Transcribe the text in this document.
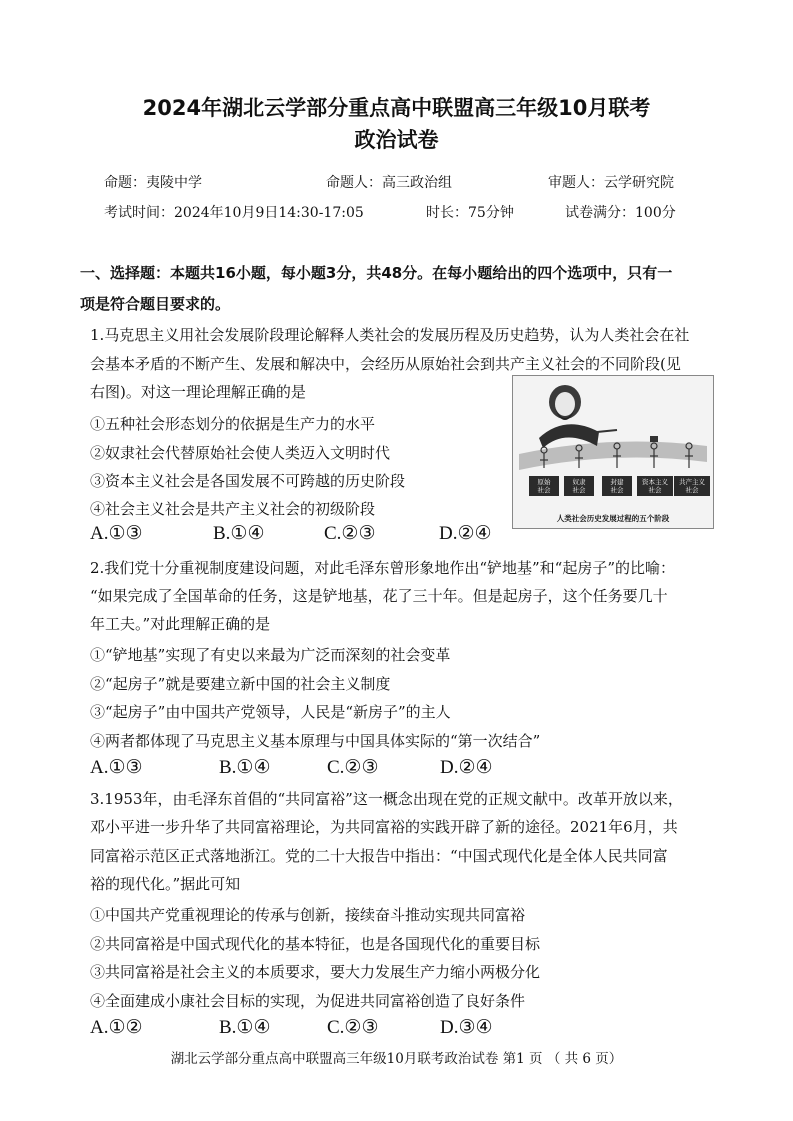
2024年湖北云学部分重点高中联盟高三年级10月联考
政治试卷
命题：夷陵中学	命题人：高三政治组	审题人：云学研究院
考试时间：2024年10月9日14:30-17:05	时长：75分钟	试卷满分：100分
一、选择题：本题共16小题，每小题3分，共48分。在每小题给出的四个选项中，只有一
项是符合题目要求的。
1.马克思主义用社会发展阶段理论解释人类社会的发展历程及历史趋势，认为人类社会在社
会基本矛盾的不断产生、发展和解决中，会经历从原始社会到共产主义社会的不同阶段(见
右图)。对这一理论理解正确的是
①五种社会形态划分的依据是生产力的水平
②奴隶社会代替原始社会使人类迈入文明时代
③资本主义社会是各国发展不可跨越的历史阶段
④社会主义社会是共产主义社会的初级阶段
A.①③	B.①④	C.②③	D.②④
原始
社会
奴隶
社会
封建
社会
资本主义
社会
共产主义
社会
人类社会历史发展过程的五个阶段
2.我们党十分重视制度建设问题，对此毛泽东曾形象地作出“铲地基”和“起房子”的比喻：
“如果完成了全国革命的任务，这是铲地基，花了三十年。但是起房子，这个任务要几十
年工夫。”对此理解正确的是
①“铲地基”实现了有史以来最为广泛而深刻的社会变革
②“起房子”就是要建立新中国的社会主义制度
③“起房子”由中国共产党领导，人民是“新房子”的主人
④两者都体现了马克思主义基本原理与中国具体实际的“第一次结合”
A.①③	B.①④	C.②③	D.②④
3.1953年，由毛泽东首倡的“共同富裕”这一概念出现在党的正规文献中。改革开放以来，
邓小平进一步升华了共同富裕理论，为共同富裕的实践开辟了新的途径。2021年6月，共
同富裕示范区正式落地浙江。党的二十大报告中指出：“中国式现代化是全体人民共同富
裕的现代化。”据此可知
①中国共产党重视理论的传承与创新，接续奋斗推动实现共同富裕
②共同富裕是中国式现代化的基本特征，也是各国现代化的重要目标
③共同富裕是社会主义的本质要求，要大力发展生产力缩小两极分化
④全面建成小康社会目标的实现，为促进共同富裕创造了良好条件
A.①②	B.①④	C.②③	D.③④
湖北云学部分重点高中联盟高三年级10月联考政治试卷 第1 页 （ 共 6 页）
